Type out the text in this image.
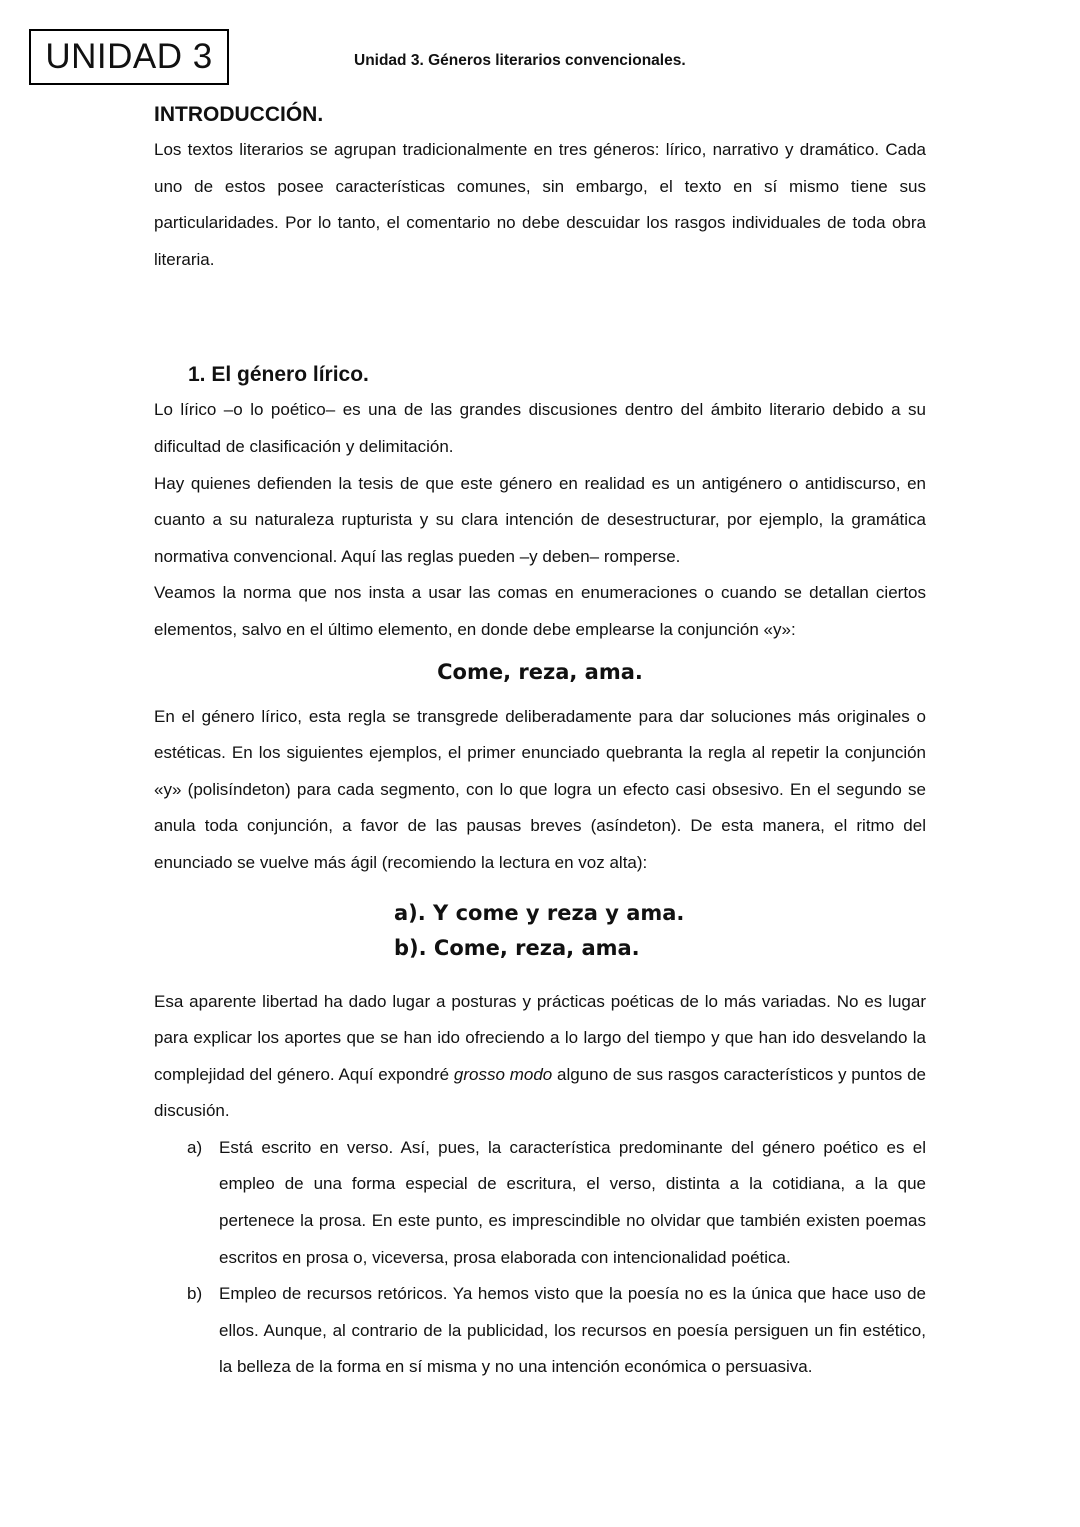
UNIDAD 3	Unidad 3. Géneros literarios convencionales.
INTRODUCCIÓN.

Los textos literarios se agrupan tradicionalmente en tres géneros: lírico, narrativo y dramático. Cada uno de estos posee características comunes, sin embargo, el texto en sí mismo tiene sus particularidades. Por lo tanto, el comentario no debe descuidar los rasgos individuales de toda obra literaria.

1. El género lírico.

Lo lírico –o lo poético– es una de las grandes discusiones dentro del ámbito literario debido a su dificultad de clasificación y delimitación.

Hay quienes defienden la tesis de que este género en realidad es un antigénero o antidiscurso, en cuanto a su naturaleza rupturista y su clara intención de desestructurar, por ejemplo, la gramática normativa convencional. Aquí las reglas pueden –y deben– romperse.

Veamos la norma que nos insta a usar las comas en enumeraciones o cuando se detallan ciertos elementos, salvo en el último elemento, en donde debe emplearse la conjunción «y»:

Come, reza, ama.

En el género lírico, esta regla se transgrede deliberadamente para dar soluciones más originales o estéticas. En los siguientes ejemplos, el primer enunciado quebranta la regla al repetir la conjunción «y» (polisíndeton) para cada segmento, con lo que logra un efecto casi obsesivo. En el segundo se anula toda conjunción, a favor de las pausas breves (asíndeton). De esta manera, el ritmo del enunciado se vuelve más ágil (recomiendo la lectura en voz alta):

a). Y come y reza y ama.
b). Come, reza, ama.

Esa aparente libertad ha dado lugar a posturas y prácticas poéticas de lo más variadas. No es lugar para explicar los aportes que se han ido ofreciendo a lo largo del tiempo y que han ido desvelando la complejidad del género. Aquí expondré grosso modo alguno de sus rasgos característicos y puntos de discusión.

a) Está escrito en verso. Así, pues, la característica predominante del género poético es el empleo de una forma especial de escritura, el verso, distinta a la cotidiana, a la que pertenece la prosa. En este punto, es imprescindible no olvidar que también existen poemas escritos en prosa o, viceversa, prosa elaborada con intencionalidad poética.
b) Empleo de recursos retóricos. Ya hemos visto que la poesía no es la única que hace uso de ellos. Aunque, al contrario de la publicidad, los recursos en poesía persiguen un fin estético, la belleza de la forma en sí misma y no una intención económica o persuasiva.
